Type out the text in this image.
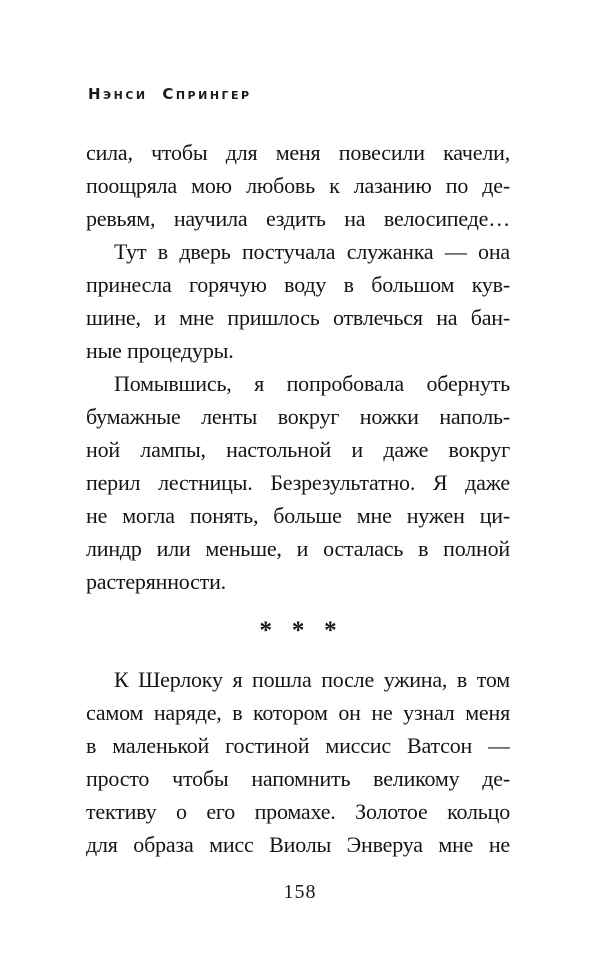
Нэнси Спрингер
сила, чтобы для меня повесили качели,
поощряла мою любовь к лазанию по де-
ревьям, научила ездить на велосипеде…
Тут в дверь постучала служанка — она
принесла горячую воду в большом кув-
шине, и мне пришлось отвлечься на бан-
ные процедуры.
Помывшись, я попробовала обернуть
бумажные ленты вокруг ножки наполь-
ной лампы, настольной и даже вокруг
перил лестницы. Безрезультатно. Я даже
не могла понять, больше мне нужен ци-
линдр или меньше, и осталась в полной
растерянности.
* * *
К Шерлоку я пошла после ужина, в том
самом наряде, в котором он не узнал меня
в маленькой гостиной миссис Ватсон —
просто чтобы напомнить великому де-
тективу о его промахе. Золотое кольцо
для образа мисс Виолы Энверуа мне не
158
